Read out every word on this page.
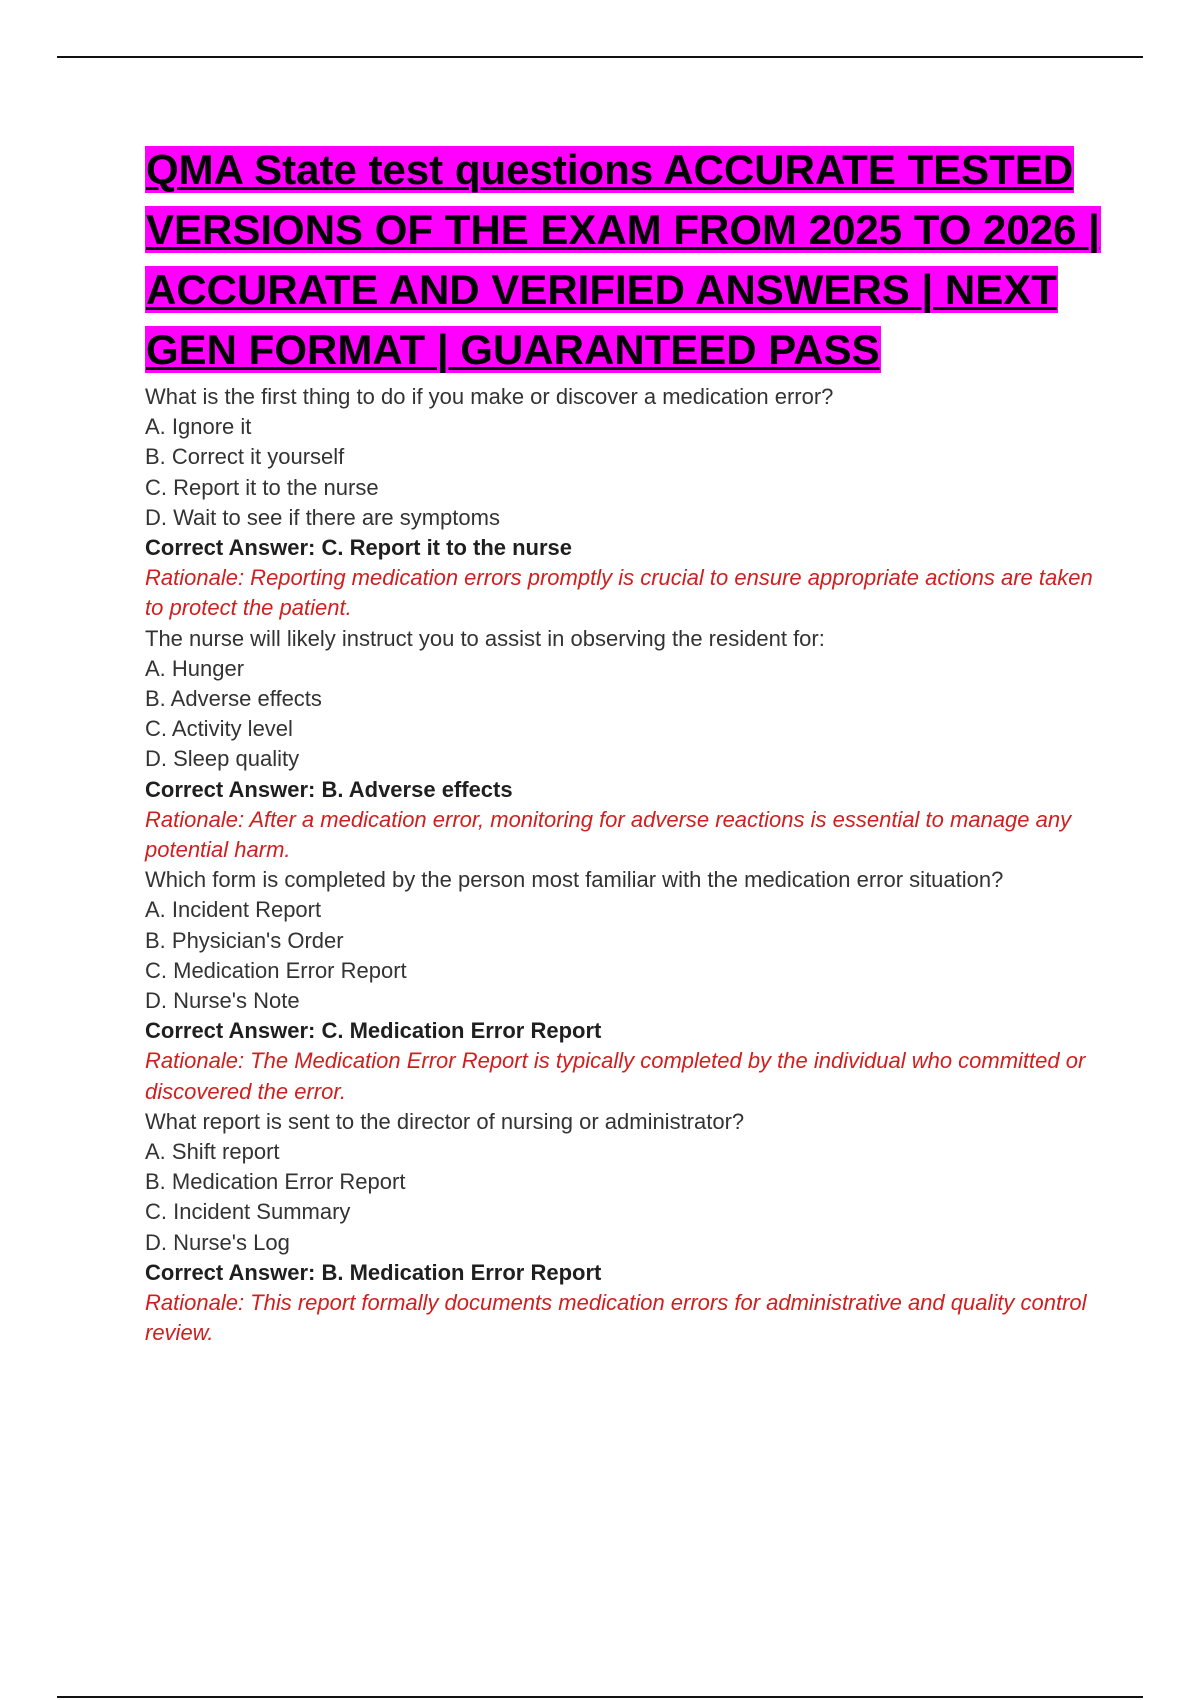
QMA State test questions ACCURATE TESTED VERSIONS OF THE EXAM FROM 2025 TO 2026 | ACCURATE AND VERIFIED ANSWERS | NEXT GEN FORMAT | GUARANTEED PASS

What is the first thing to do if you make or discover a medication error?

A. Ignore it

B. Correct it yourself

C. Report it to the nurse

D. Wait to see if there are symptoms

Correct Answer: C. Report it to the nurse

Rationale: Reporting medication errors promptly is crucial to ensure appropriate actions are taken to protect the patient.

The nurse will likely instruct you to assist in observing the resident for:

A. Hunger

B. Adverse effects

C. Activity level

D. Sleep quality

Correct Answer: B. Adverse effects

Rationale: After a medication error, monitoring for adverse reactions is essential to manage any potential harm.

Which form is completed by the person most familiar with the medication error situation?

A. Incident Report

B. Physician's Order

C. Medication Error Report

D. Nurse's Note

Correct Answer: C. Medication Error Report

Rationale: The Medication Error Report is typically completed by the individual who committed or discovered the error.

What report is sent to the director of nursing or administrator?

A. Shift report

B. Medication Error Report

C. Incident Summary

D. Nurse's Log

Correct Answer: B. Medication Error Report

Rationale: This report formally documents medication errors for administrative and quality control review.
